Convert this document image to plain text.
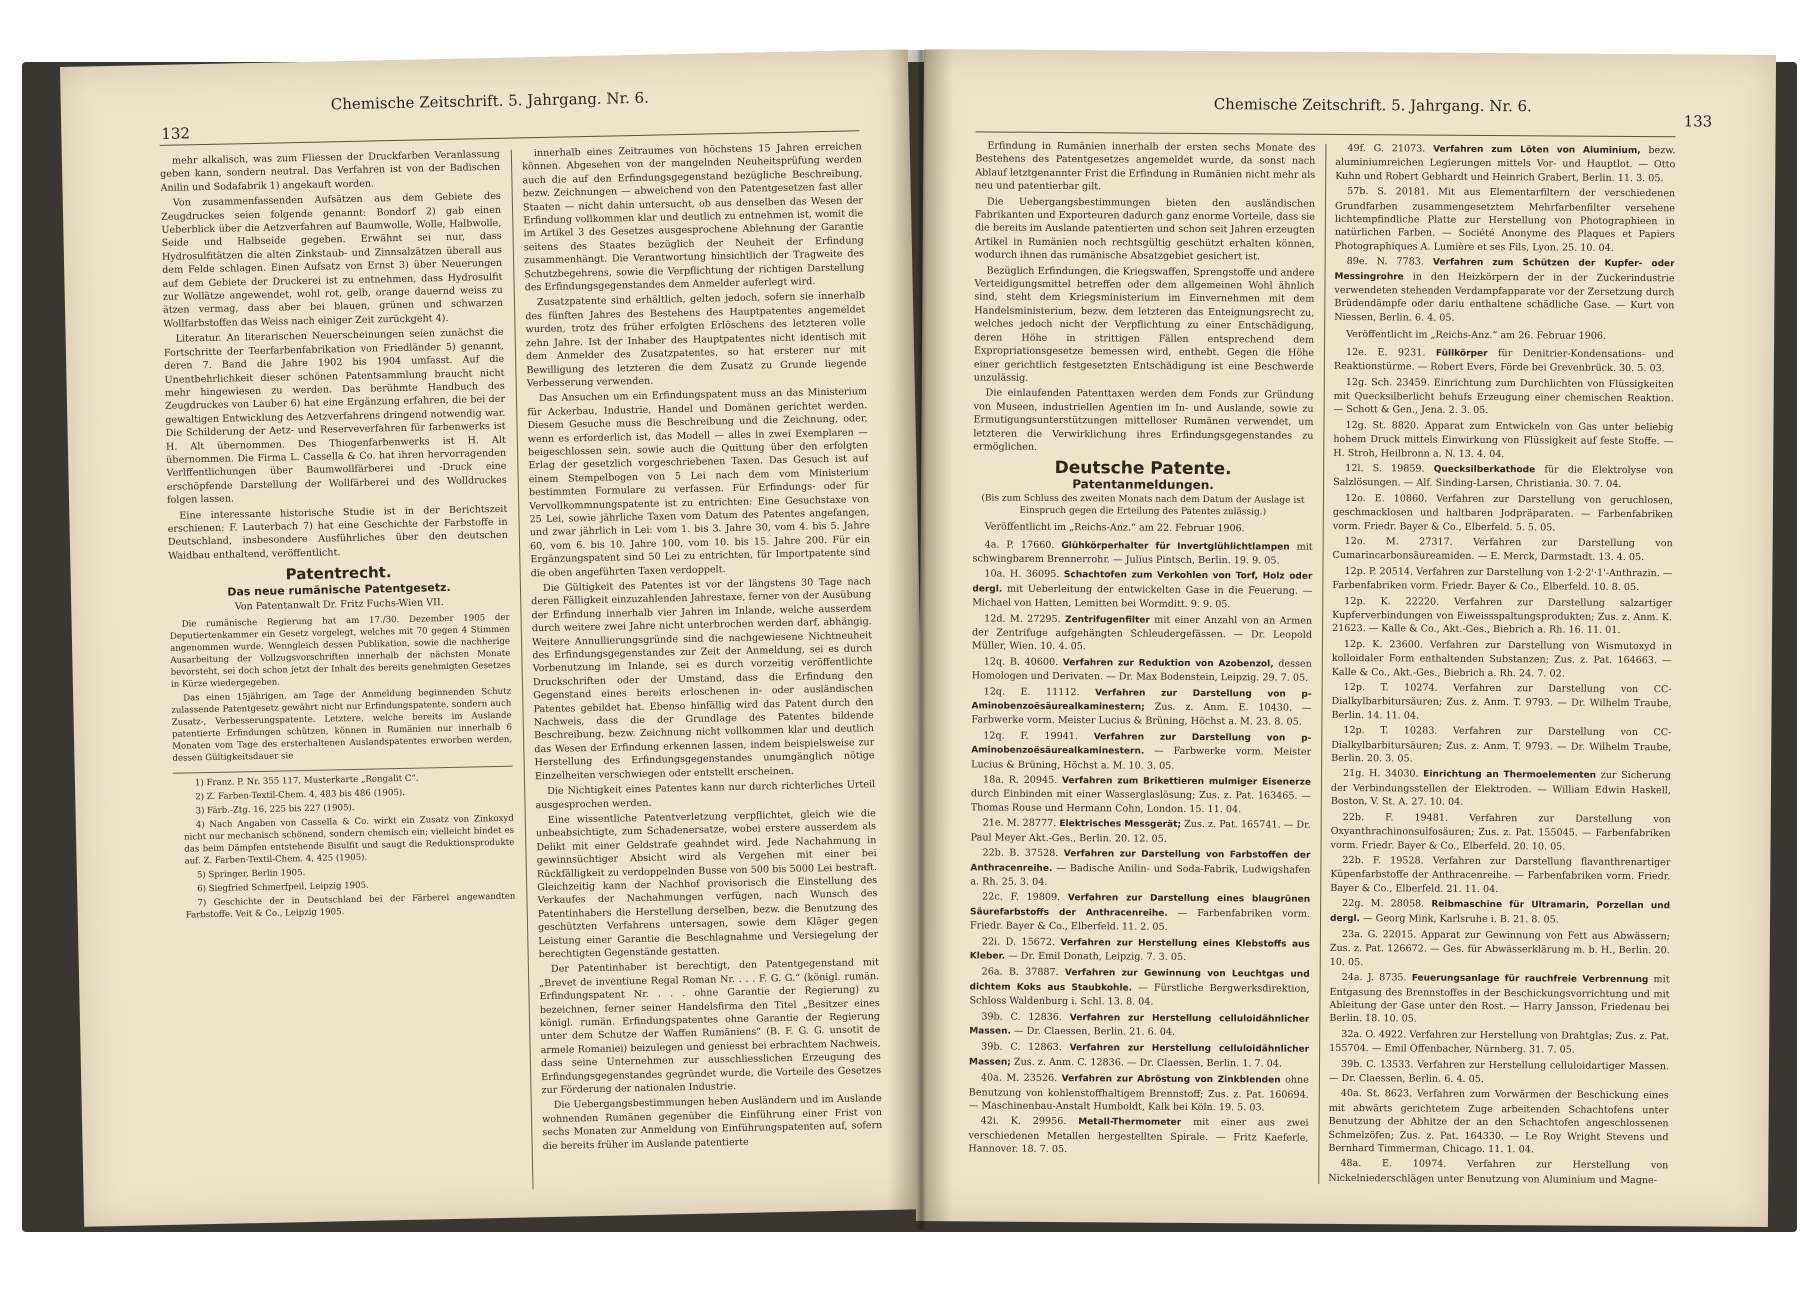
132
Chemische Zeitschrift. 5. Jahrgang. Nr. 6.

mehr alkalisch, was zum Fliessen der Druckfarben Veranlassung geben kann, sondern neutral. Das Verfahren ist von der Badischen Anilin und Sodafabrik 1) angekauft worden.

Von zusammenfassenden Aufsätzen aus dem Gebiete des Zeugdruckes seien folgende genannt: Bondorf 2) gab einen Ueberblick über die Aetzverfahren auf Baumwolle, Wolle, Halbwolle, Seide und Halbseide gegeben. Erwähnt sei nur, dass Hydrosulfitätzen die alten Zinkstaub- und Zinnsalzätzen überall aus dem Felde schlagen. Einen Aufsatz von Ernst 3) über Neuerungen auf dem Gebiete der Druckerei ist zu entnehmen, dass Hydrosulfit zur Wollätze angewendet, wohl rot, gelb, orange dauernd weiss zu ätzen vermag, dass aber bei blauen, grünen und schwarzen Wollfarbstoffen das Weiss nach einiger Zeit zurückgeht 4).

Literatur. An literarischen Neuerscheinungen seien zunächst die Fortschritte der Teerfarbenfabrikation von Friedländer 5) genannt, deren 7. Band die Jahre 1902 bis 1904 umfasst. Auf die Unentbehrlichkeit dieser schönen Patentsammlung braucht nicht mehr hingewiesen zu werden. Das berühmte Handbuch des Zeugdruckes von Lauber 6) hat eine Ergänzung erfahren, die bei der gewaltigen Entwicklung des Aetzverfahrens dringend notwendig war. Die Schilderung der Aetz- und Reserveverfahren für farbenwerks ist H. Alt übernommen. Des Thiogenfarbenwerks ist H. Alt übernommen. Die Firma L. Cassella & Co. hat ihren hervorragenden Verlffentlichungen über Baumwollfärberei und -Druck eine erschöpfende Darstellung der Wollfärberei und des Wolldruckes folgen lassen.

Eine interessante historische Studie ist in der Berichtszeit erschienen: F. Lauterbach 7) hat eine Geschichte der Farbstoffe in Deutschland, insbesondere Ausführliches über den deutschen Waidbau enthaltend, veröffentlicht.

Patentrecht.
Das neue rumänische Patentgesetz.
Von Patentanwalt Dr. Fritz Fuchs-Wien VII.

Die rumänische Regierung hat am 17./30. Dezember 1905 der Deputiertenkammer ein Gesetz vorgelegt, welches mit 70 gegen 4 Stimmen angenommen wurde. Wenngleich dessen Publikation, sowie die nachherige Ausarbeitung der Vollzugsvorschriften innerhalb der nächsten Monate bevorsteht, sei doch schon jetzt der Inhalt des bereits genehmigten Gesetzes in Kürze wiedergegeben.

Das einen 15jährigen, am Tage der Anmeldung beginnenden Schutz zulassende Patentgesetz gewährt nicht nur Erfindungspatente, sondern auch Zusatz-, Verbesserungspatente. Letztere, welche bereits im Auslande patentierte Erfindungen schützen, können in Rumänien nur innerhalb 6 Monaten vom Tage des ersterhaltenen Auslandspatentes erworben werden, dessen Gültigkeitsdauer sie

1) Franz. P. Nr. 355 117, Musterkarte „Rongalit C“.

2) Z. Farben-Textil-Chem. 4, 483 bis 486 (1905).

3) Färb.-Ztg. 16, 225 bis 227 (1905).

4) Nach Angaben von Cassella & Co. wirkt ein Zusatz von Zinkoxyd nicht nur mechanisch schönend, sondern chemisch ein; vielleicht bindet es das beim Dämpfen entstehende Bisulfit und saugt die Reduktionsprodukte auf. Z. Farben-Textil-Chem. 4, 425 (1905).

5) Springer, Berlin 1905.

6) Siegfried Schmerfpeil, Leipzig 1905.

7) Geschichte der in Deutschland bei der Färberei angewandten Farbstoffe. Veit & Co., Leipzig 1905.

innerhalb eines Zeitraumes von höchstens 15 Jahren erreichen können. Abgesehen von der mangelnden Neuheitsprüfung werden auch die auf den Erfindungsgegenstand bezügliche Beschreibung, bezw. Zeichnungen — abweichend von den Patentgesetzen fast aller Staaten — nicht dahin untersucht, ob aus denselben das Wesen der Erfindung vollkommen klar und deutlich zu entnehmen ist, womit die im Artikel 3 des Gesetzes ausgesprochene Ablehnung der Garantie seitens des Staates bezüglich der Neuheit der Erfindung zusammenhängt. Die Verantwortung hinsichtlich der Tragweite des Schutzbegehrens, sowie die Verpflichtung der richtigen Darstellung des Erfindungsgegenstandes dem Anmelder auferlegt wird.

Zusatzpatente sind erhältlich, gelten jedoch, sofern sie innerhalb des fünften Jahres des Bestehens des Hauptpatentes angemeldet wurden, trotz des früher erfolgten Erlöschens des letzteren volle zehn Jahre. Ist der Inhaber des Hauptpatentes nicht identisch mit dem Anmelder des Zusatzpatentes, so hat ersterer nur mit Bewilligung des letzteren die dem Zusatz zu Grunde liegende Verbesserung verwenden.

Das Ansuchen um ein Erfindungspatent muss an das Ministerium für Ackerbau, Industrie, Handel und Domänen gerichtet werden. Diesem Gesuche muss die Beschreibung und die Zeichnung, oder, wenn es erforderlich ist, das Modell — alles in zwei Exemplaren — beigeschlossen sein, sowie auch die Quittung über den erfolgten Erlag der gesetzlich vorgeschriebenen Taxen. Das Gesuch ist auf einem Stempelbogen von 5 Lei nach dem vom Ministerium bestimmten Formulare zu verfassen. Für Erfindungs- oder für Vervollkommnungspatente ist zu entrichten: Eine Gesuchstaxe von 25 Lei, sowie jährliche Taxen vom Datum des Patentes angefangen, und zwar jährlich in Lei: vom 1. bis 3. Jahre 30, vom 4. bis 5. Jahre 60, vom 6. bis 10. Jahre 100, vom 10. bis 15. Jahre 200. Für ein Ergänzungspatent sind 50 Lei zu entrichten, für Importpatente sind die oben angeführten Taxen verdoppelt.

Die Gültigkeit des Patentes ist vor der längstens 30 Tage nach deren Fälligkeit einzuzahlenden Jahrestaxe, ferner von der Ausübung der Erfindung innerhalb vier Jahren im Inlande, welche ausserdem durch weitere zwei Jahre nicht unterbrochen werden darf, abhängig. Weitere Annullierungsgründe sind die nachgewiesene Nichtneuheit des Erfindungsgegenstandes zur Zeit der Anmeldung, sei es durch Vorbenutzung im Inlande, sei es durch vorzeitig veröffentlichte Druckschriften oder der Umstand, dass die Erfindung den Gegenstand eines bereits erloschenen in- oder ausländischen Patentes gebildet hat. Ebenso hinfällig wird das Patent durch den Nachweis, dass die der Grundlage des Patentes bildende Beschreibung, bezw. Zeichnung nicht vollkommen klar und deutlich das Wesen der Erfindung erkennen lassen, indem beispielsweise zur Herstellung des Erfindungsgegenstandes unumgänglich nötige Einzelheiten verschwiegen oder entstellt erscheinen.

Die Nichtigkeit eines Patentes kann nur durch richterliches Urteil ausgesprochen werden.

Eine wissentliche Patentverletzung verpflichtet, gleich wie die unbeabsichtigte, zum Schadenersatze, wobei erstere ausserdem als Delikt mit einer Geldstrafe geahndet wird. Jede Nachahmung in gewinnsüchtiger Absicht wird als Vergehen mit einer bei Rückfälligkeit zu verdoppelnden Busse von 500 bis 5000 Lei bestraft. Gleichzeitig kann der Nachhof provisorisch die Einstellung des Verkaufes der Nachahmungen verfügen, nach Wunsch des Patentinhabers die Herstellung derselben, bezw. die Benutzung des geschützten Verfahrens untersagen, sowie dem Kläger gegen Leistung einer Garantie die Beschlagnahme und Versiegelung der berechtigten Gegenstände gestatten.

Der Patentinhaber ist berechtigt, den Patentgegenstand mit „Brevet de inventiune Regal Roman Nr. . . . F. G. G.“ (königl. rumän. Erfindungspatent Nr. . . . ohne Garantie der Regierung) zu bezeichnen, ferner seiner Handelsfirma den Titel „Besitzer eines königl. rumän. Erfindungspatentes ohne Garantie der Regierung unter dem Schutze der Waffen Rumäniens“ (B. F. G. G. unsotit de armele Romaniei) beizulegen und geniesst bei erbrachtem Nachweis, dass seine Unternehmen zur ausschliesslichen Erzeugung des Erfindungsgegenstandes gegründet wurde, die Vorteile des Gesetzes zur Förderung der nationalen Industrie.

Die Uebergangsbestimmungen heben Ausländern und im Auslande wohnenden Rumänen gegenüber die Einführung einer Frist von sechs Monaten zur Anmeldung von Einführungspatenten auf, sofern die bereits früher im Auslande patentierte

Chemische Zeitschrift. 5. Jahrgang. Nr. 6.
133

Erfindung in Rumänien innerhalb der ersten sechs Monate des Bestehens des Patentgesetzes angemeldet wurde, da sonst nach Ablauf letztgenannter Frist die Erfindung in Rumänien nicht mehr als neu und patentierbar gilt.

Die Uebergangsbestimmungen bieten den ausländischen Fabrikanten und Exporteuren dadurch ganz enorme Vorteile, dass sie die bereits im Auslande patentierten und schon seit Jahren erzeugten Artikel in Rumänien noch rechtsgültig geschützt erhalten können, wodurch ihnen das rumänische Absatzgebiet gesichert ist.

Bezüglich Erfindungen, die Kriegswaffen, Sprengstoffe und andere Verteidigungsmittel betreffen oder dem allgemeinen Wohl ähnlich sind, steht dem Kriegsministerium im Einvernehmen mit dem Handelsministerium, bezw. dem letzteren das Enteignungsrecht zu, welches jedoch nicht der Verpflichtung zu einer Entschädigung, deren Höhe in strittigen Fällen entsprechend dem Expropriationsgesetze bemessen wird, enthebt. Gegen die Höhe einer gerichtlich festgesetzten Entschädigung ist eine Beschwerde unzulässig.

Die einlaufenden Patenttaxen werden dem Fonds zur Gründung von Museen, industriellen Agentien im In- und Auslande, sowie zu Ermutigungsunterstützungen mittelloser Rumänen verwendet, um letzteren die Verwirklichung ihres Erfindungsgegenstandes zu ermöglichen.

Deutsche Patente.
Patentanmeldungen.
(Bis zum Schluss des zweiten Monats nach dem Datum der Auslage ist Einspruch gegen die Erteilung des Patentes zulässig.)
Veröffentlicht im „Reichs-Anz.“ am 22. Februar 1906.

4a. P. 17660. Glühkörperhalter für Invertglühlichtlampen mit schwingbarem Brennerrohr. — Julius Pintsch, Berlin. 19. 9. 05.

10a. H. 36095. Schachtofen zum Verkohlen von Torf, Holz oder dergl. mit Ueberleitung der entwickelten Gase in die Feuerung. — Michael von Hatten, Lemitten bei Wormditt. 9. 9. 05.

12d. M. 27295. Zentrifugenfilter mit einer Anzahl von an Armen der Zentrifuge aufgehängten Schleudergefässen. — Dr. Leopold Müller, Wien. 10. 4. 05.

12q. B. 40600. Verfahren zur Reduktion von Azobenzol, dessen Homologen und Derivaten. — Dr. Max Bodenstein, Leipzig. 29. 7. 05.

12q. E. 11112. Verfahren zur Darstellung von p-Aminobenzoësäurealkaminestern; Zus. z. Anm. E. 10430. — Farbwerke vorm. Meister Lucius & Brüning, Höchst a. M. 23. 8. 05.

12q. F. 19941. Verfahren zur Darstellung von p-Aminobenzoësäurealkaminestern. — Farbwerke vorm. Meister Lucius & Brüning, Höchst a. M. 10. 3. 05.

18a. R. 20945. Verfahren zum Brikettieren mulmiger Eisenerze durch Einbinden mit einer Wasserglaslösung; Zus. z. Pat. 163465. — Thomas Rouse und Hermann Cohn, London. 15. 11. 04.

21e. M. 28777. Elektrisches Messgerät; Zus. z. Pat. 165741. — Dr. Paul Meyer Akt.-Ges., Berlin. 20. 12. 05.

22b. B. 37528. Verfahren zur Darstellung von Farbstoffen der Anthracenreihe. — Badische Anilin- und Soda-Fabrik, Ludwigshafen a. Rh. 25. 3. 04.

22c. F. 19809. Verfahren zur Darstellung eines blaugrünen Säurefarbstoffs der Anthracenreihe. — Farbenfabriken vorm. Friedr. Bayer & Co., Elberfeld. 11. 2. 05.

22i. D. 15672. Verfahren zur Herstellung eines Klebstoffs aus Kleber. — Dr. Emil Donath, Leipzig. 7. 3. 05.

26a. B. 37887. Verfahren zur Gewinnung von Leuchtgas und dichtem Koks aus Staubkohle. — Fürstliche Bergwerksdirektion, Schloss Waldenburg i. Schl. 13. 8. 04.

39b. C. 12836. Verfahren zur Herstellung celluloidähnlicher Massen. — Dr. Claessen, Berlin. 21. 6. 04.

39b. C. 12863. Verfahren zur Herstellung celluloidähnlicher Massen; Zus. z. Anm. C. 12836. — Dr. Claessen, Berlin. 1. 7. 04.

40a. M. 23526. Verfahren zur Abröstung von Zinkblenden ohne Benutzung von kohlenstoffhaltigem Brennstoff; Zus. z. Pat. 160694. — Maschinenbau-Anstalt Humboldt, Kalk bei Köln. 19. 5. 03.

42i. K. 29956. Metall-Thermometer mit einer aus zwei verschiedenen Metallen hergestellten Spirale. — Fritz Kaeferle, Hannover. 18. 7. 05.

49f. G. 21073. Verfahren zum Löten von Aluminium, bezw. aluminiumreichen Legierungen mittels Vor- und Hauptlot. — Otto Kuhn und Robert Gebhardt und Heinrich Grabert, Berlin. 11. 3. 05.

57b. S. 20181. Mit aus Elementarfiltern der verschiedenen Grundfarben zusammengesetztem Mehrfarbenfilter versehene lichtempfindliche Platte zur Herstellung von Photographieen in natürlichen Farben. — Société Anonyme des Plaques et Papiers Photographiques A. Lumière et ses Fils, Lyon. 25. 10. 04.

89e. N. 7783. Verfahren zum Schützen der Kupfer- oder Messingrohre in den Heizkörpern der in der Zuckerindustrie verwendeten stehenden Verdampfapparate vor der Zersetzung durch Brüdendämpfe oder dariu enthaltene schädliche Gase. — Kurt von Niessen, Berlin. 6. 4. 05.

Veröffentlicht im „Reichs-Anz.“ am 26. Februar 1906.

12e. E. 9231. Füllkörper für Denitrier-Kondensations- und Reaktionstürme. — Robert Evers, Förde bei Grevenbrück. 30. 5. 03.

12g. Sch. 23459. Einrichtung zum Durchlichten von Flüssigkeiten mit Quecksilberlicht behufs Erzeugung einer chemischen Reaktion. — Schott & Gen., Jena. 2. 3. 05.

12g. St. 8820. Apparat zum Entwickeln von Gas unter beliebig hohem Druck mittels Einwirkung von Flüssigkeit auf feste Stoffe. — H. Stroh, Heilbronn a. N. 13. 4. 04.

12l. S. 19859. Quecksilberkathode für die Elektrolyse von Salzlösungen. — Alf. Sinding-Larsen, Christiania. 30. 7. 04.

12o. E. 10860. Verfahren zur Darstellung von geruchlosen, geschmacklosen und haltbaren Jodpräparaten. — Farbenfabriken vorm. Friedr. Bayer & Co., Elberfeld. 5. 5. 05.

12o. M. 27317. Verfahren zur Darstellung von Cumarincarbonsäureamiden. — E. Merck, Darmstadt. 13. 4. 05.

12p. P. 20514. Verfahren zur Darstellung von 1·2·2'·1'-Anthrazin. — Farbenfabriken vorm. Friedr. Bayer & Co., Elberfeld. 10. 8. 05.

12p. K. 22220. Verfahren zur Darstellung salzartiger Kupferverbindungen von Eiweissspaltungsprodukten; Zus. z. Anm. K. 21623. — Kalle & Co., Akt.-Ges., Biebrich a. Rh. 16. 11. 01.

12p. K. 23600. Verfahren zur Darstellung von Wismutoxyd in kolloidaler Form enthaltenden Substanzen; Zus. z. Pat. 164663. — Kalle & Co., Akt.-Ges., Biebrich a. Rh. 24. 7. 02.

12p. T. 10274. Verfahren zur Darstellung von CC-Dialkylbarbitursäuren; Zus. z. Anm. T. 9793. — Dr. Wilhelm Traube, Berlin. 14. 11. 04.

12p. T. 10283. Verfahren zur Darstellung von CC-Dialkylbarbitursäuren; Zus. z. Anm. T. 9793. — Dr. Wilhelm Traube, Berlin. 20. 3. 05.

21g. H. 34030. Einrichtung an Thermoelementen zur Sicherung der Verbindungsstellen der Elektroden. — William Edwin Haskell, Boston, V. St. A. 27. 10. 04.

22b. F. 19481. Verfahren zur Darstellung von Oxyanthrachinonsulfosäuren; Zus. z. Pat. 155045. — Farbenfabriken vorm. Friedr. Bayer & Co., Elberfeld. 20. 10. 05.

22b. F. 19528. Verfahren zur Darstellung flavanthrenartiger Küpenfarbstoffe der Anthracenreihe. — Farbenfabriken vorm. Friedr. Bayer & Co., Elberfeld. 21. 11. 04.

22g. M. 28058. Reibmaschine für Ultramarin, Porzellan und dergl. — Georg Mink, Karlsruhe i. B. 21. 8. 05.

23a. G. 22015. Apparat zur Gewinnung von Fett aus Abwässern; Zus. z. Pat. 126672. — Ges. für Abwässerklärung m. b. H., Berlin. 20. 10. 05.

24a. J. 8735. Feuerungsanlage für rauchfreie Verbrennung mit Entgasung des Brennstoffes in der Beschickungsvorrichtung und mit Ableitung der Gase unter den Rost. — Harry Jansson, Friedenau bei Berlin. 18. 10. 05.

32a. O. 4922. Verfahren zur Herstellung von Drahtglas; Zus. z. Pat. 155704. — Emil Offenbacher, Nürnberg. 31. 7. 05.

39b. C. 13533. Verfahren zur Herstellung celluloidartiger Massen. — Dr. Claessen, Berlin. 6. 4. 05.

40a. St. 8623. Verfahren zum Vorwärmen der Beschickung eines mit abwärts gerichtetem Zuge arbeitenden Schachtofens unter Benutzung der Abhitze der an den Schachtofen angeschlossenen Schmelzöfen; Zus. z. Pat. 164330. — Le Roy Wright Stevens und Bernhard Timmerman, Chicago. 11. 1. 04.

48a. E. 10974. Verfahren zur Herstellung von Nickelniederschlägen unter Benutzung von Aluminium und Magne-
